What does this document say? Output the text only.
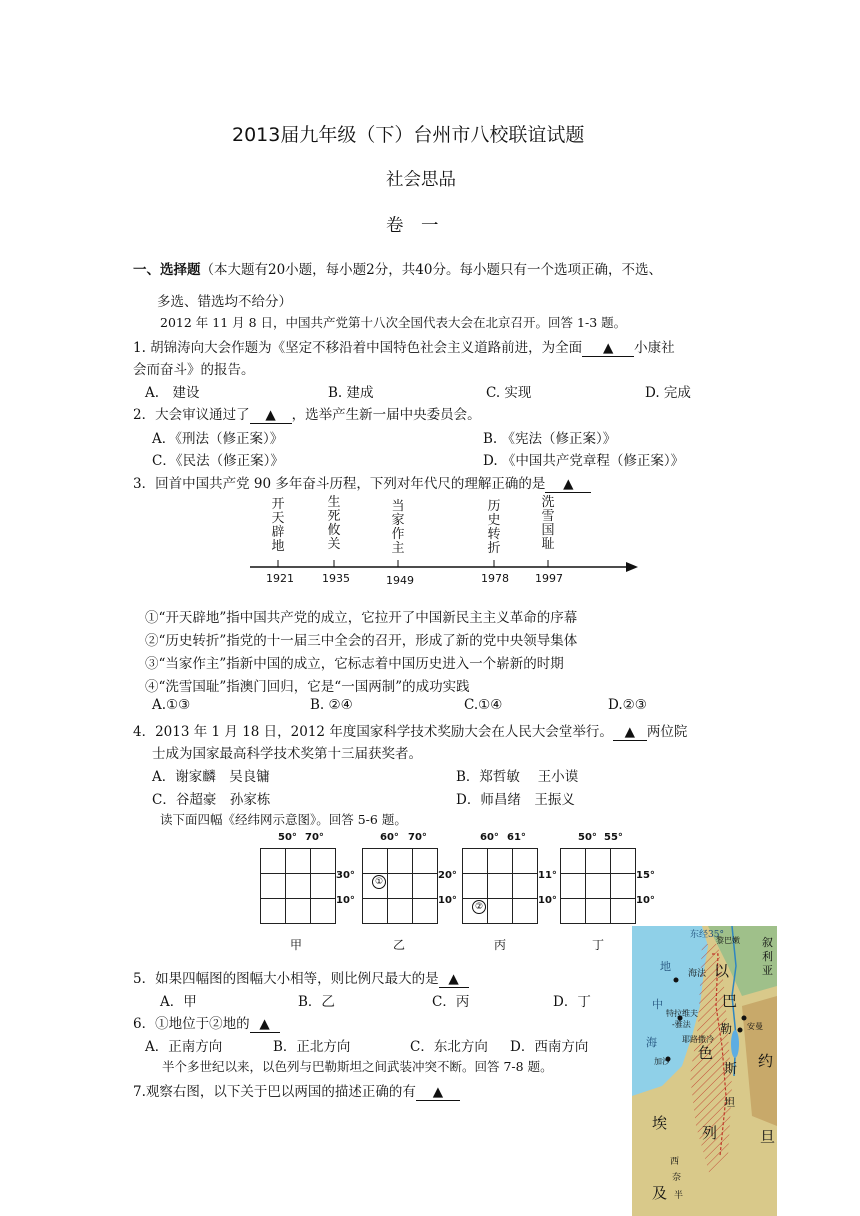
2013届九年级（下）台州市八校联谊试题
社会思品
卷　一
一、选择题（本大题有20小题，每小题2分，共40分。每小题只有一个选项正确，不选、
多选、错选均不给分）
2012 年 11 月 8 日，中国共产党第十八次全国代表大会在北京召开。回答 1-3 题。
1. 胡锦涛向大会作题为《坚定不移沿着中国特色社会主义道路前进，为全面 ▲ 小康社
会而奋斗》的报告。
A.　建设	B. 建成	C. 实现	D. 完成
2．大会审议通过了 ▲ ，选举产生新一届中央委员会。
A．《刑法（修正案）》	B. 《宪法（修正案）》
C．《民法（修正案）》	D. 《中国共产党章程（修正案）》
3．回首中国共产党 90 多年奋斗历程，下列对年代尺的理解正确的是 ▲
开天辟地
生死攸关
当家作主
历史转折
洗雪国耻
1921	1935	1949	1978 1997
①“开天辟地”指中国共产党的成立，它拉开了中国新民主主义革命的序幕
②“历史转折”指党的十一届三中全会的召开，形成了新的党中央领导集体
③“当家作主”指新中国的成立，它标志着中国历史进入一个崭新的时期
④“洗雪国耻”指澳门回归，它是“一国两制”的成功实践
A.①③	B. ②④	C.①④	D.②③
4．2013 年 1 月 18 日，2012 年度国家科学技术奖励大会在人民大会堂举行。 ▲ 两位院
士成为国家最高科学技术奖第十三届获奖者。
A．谢家麟　吴良镛	B．郑哲敏　 王小谟
C．谷超豪　孙家栋	D．师昌绪　王振义
读下面四幅《经纬网示意图》。回答 5-6 题。
50° 70°
30°
10°
甲
60° 70°
①
20°
10°
乙
60° 61°
②
11°
10°
丙
50° 55°
15°
10°
丁
5．如果四幅图的图幅大小相等，则比例尺最大的是 ▲
A．甲	B．乙	C．丙	D．丁
6．①地位于②地的 ▲
A．正南方向	B．正北方向	C．东北方向 D．西南方向
半个多世纪以来，以色列与巴勒斯坦之间武装冲突不断。回答 7-8 题。
7.观察右图，以下关于巴以两国的描述正确的有 ▲
东经35°
黎巴嫩 叙
利
亚
地
中
海
海法 以
巴
特拉维夫
-雅法 勒 安曼
耶路撒冷
色
斯 约
加沙
坦
埃
列	旦
西
奈
及 半
